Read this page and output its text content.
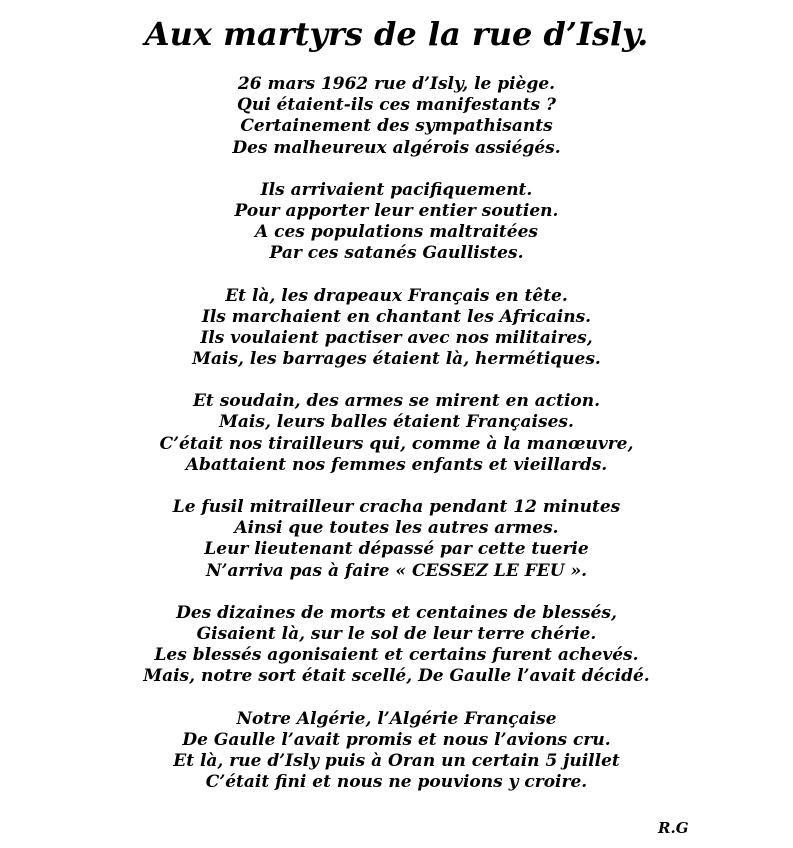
Aux martyrs de la rue d’Isly.
26 mars 1962 rue d’Isly, le piège.
Qui étaient-ils ces manifestants ?
Certainement des sympathisants
Des malheureux algérois assiégés.
Ils arrivaient pacifiquement.
Pour apporter leur entier soutien.
A ces populations maltraitées
Par ces satanés Gaullistes.
Et là, les drapeaux Français en tête.
Ils marchaient en chantant les Africains.
Ils voulaient pactiser avec nos militaires,
Mais, les barrages étaient là, hermétiques.
Et soudain, des armes se mirent en action.
Mais, leurs balles étaient Françaises.
C’était nos tirailleurs qui, comme à la manœuvre,
Abattaient nos femmes enfants et vieillards.
Le fusil mitrailleur cracha pendant 12 minutes
Ainsi que toutes les autres armes.
Leur lieutenant dépassé par cette tuerie
N’arriva pas à faire « CESSEZ LE FEU ».
Des dizaines de morts et centaines de blessés,
Gisaient là, sur le sol de leur terre chérie.
Les blessés agonisaient et certains furent achevés.
Mais, notre sort était scellé, De Gaulle l’avait décidé.
Notre Algérie, l’Algérie Française
De Gaulle l’avait promis et nous l’avions cru.
Et là, rue d’Isly puis à Oran un certain 5 juillet
C’était fini et nous ne pouvions y croire.
R.G
